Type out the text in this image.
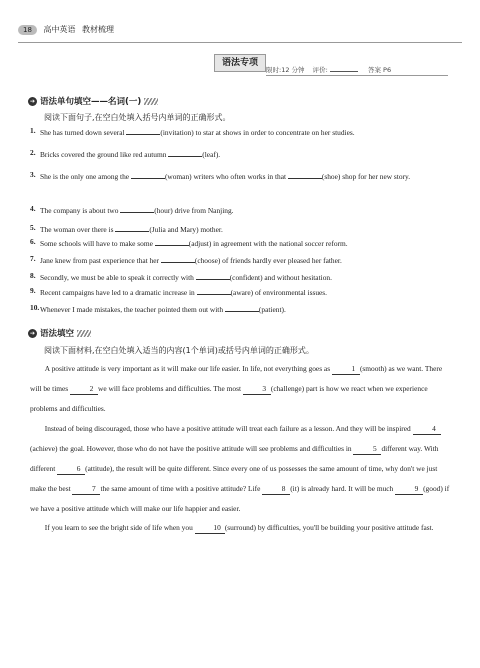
18 高中英语 教材梳理
语法专项
限时:12 分钟 评价:	答案 P6
➔ 语法单句填空——名词(一)
阅读下面句子,在空白处填入括号内单词的正确形式。
1. She has turned down several	(invitation) to star at shows in order to concentrate on her studies.
2. Bricks covered the ground like red autumn	(leaf).
3. She is the only one among the	(woman) writers who often works in that	(shoe) shop for her new story.
4. The company is about two	(hour) drive from Nanjing.
5. The woman over there is	(Julia and Mary) mother.
6. Some schools will have to make some	(adjust) in agreement with the national soccer reform.
7. Jane knew from past experience that her	(choose) of friends hardly ever pleased her father.
8. Secondly, we must be able to speak it correctly with	(confident) and without hesitation.
9. Recent campaigns have led to a dramatic increase in	(aware) of environmental issues.
10. Whenever I made mistakes, the teacher pointed them out with	(patient).
➔ 语法填空
阅读下面材料,在空白处填入适当的内容(1个单词)或括号内单词的正确形式。
A positive attitude is very important as it will make our life easier. In life, not everything goes as	1 (smooth) as we want. There will be times	2 we will face problems and difficulties. The most	3 (challenge) part is how we react when we experience problems and difficulties.
Instead of being discouraged, those who have a positive attitude will treat each failure as a lesson. And they will be inspired	4(achieve) the goal. However, those who do not have the positive attitude will see problems and difficulties in	5 different way. With different	6 (attitude), the result will be quite different. Since every one of us possesses the same amount of time, why don't we just make the best	7 the same amount of time with a positive attitude? Life	8 (it) is already hard. It will be much	9 (good) if we have a positive attitude which will make our life happier and easier.
If you learn to see the bright side of life when you	10 (surround) by difficulties, you'll be building your positive attitude fast.
